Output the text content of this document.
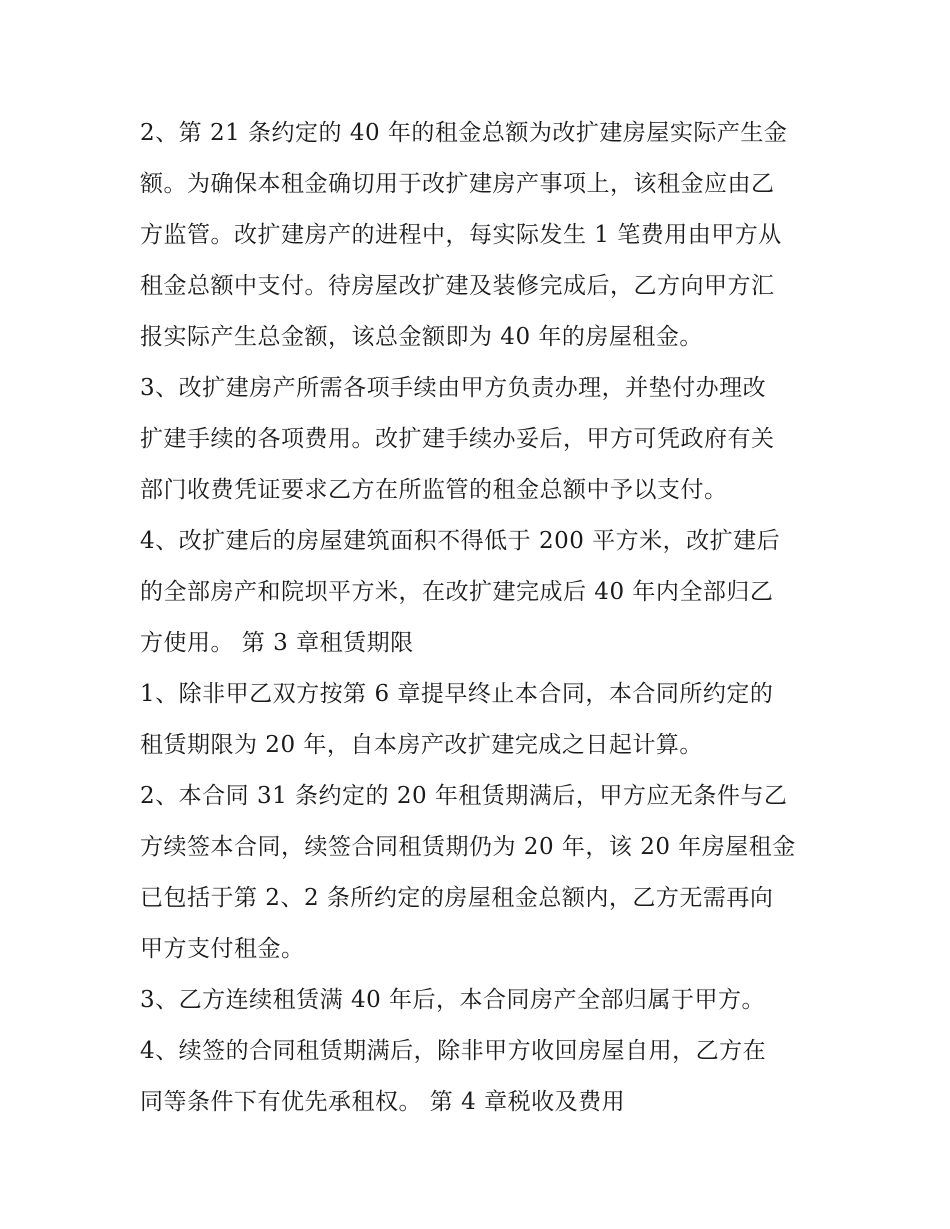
2、第 21 条约定的 40 年的租金总额为改扩建房屋实际产生金
额。为确保本租金确切用于改扩建房产事项上，该租金应由乙
方监管。改扩建房产的进程中，每实际发生 1 笔费用由甲方从
租金总额中支付。待房屋改扩建及装修完成后，乙方向甲方汇
报实际产生总金额，该总金额即为 40 年的房屋租金。
3、改扩建房产所需各项手续由甲方负责办理，并垫付办理改
扩建手续的各项费用。改扩建手续办妥后，甲方可凭政府有关
部门收费凭证要求乙方在所监管的租金总额中予以支付。
4、改扩建后的房屋建筑面积不得低于 200 平方米，改扩建后
的全部房产和院坝平方米，在改扩建完成后 40 年内全部归乙
方使用。 第 3 章租赁期限
1、除非甲乙双方按第 6 章提早终止本合同，本合同所约定的
租赁期限为 20 年，自本房产改扩建完成之日起计算。
2、本合同 31 条约定的 20 年租赁期满后，甲方应无条件与乙
方续签本合同，续签合同租赁期仍为 20 年，该 20 年房屋租金
已包括于第 2、2 条所约定的房屋租金总额内，乙方无需再向
甲方支付租金。
3、乙方连续租赁满 40 年后，本合同房产全部归属于甲方。
4、续签的合同租赁期满后，除非甲方收回房屋自用，乙方在
同等条件下有优先承租权。 第 4 章税收及费用
